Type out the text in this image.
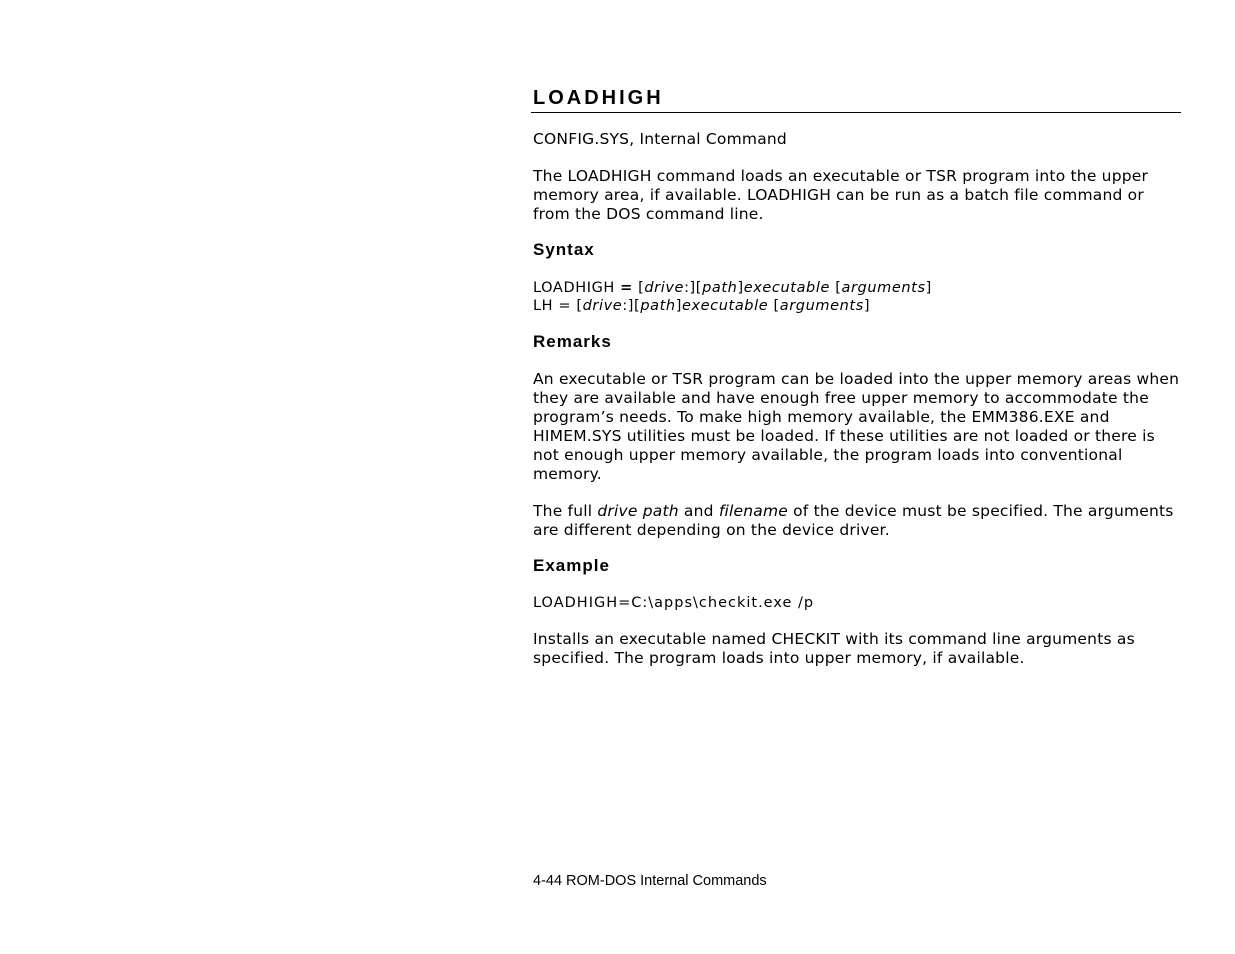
LOADHIGH

CONFIG.SYS, Internal Command

The LOADHIGH command loads an executable or TSR program into the upper memory area, if available. LOADHIGH can be run as a batch file command or from the DOS command line.

Syntax
LOADHIGH = [drive:][path]executable [arguments]
LH = [drive:][path]executable [arguments]
Remarks

An executable or TSR program can be loaded into the upper memory areas when they are available and have enough free upper memory to accommodate the program’s needs. To make high memory available, the EMM386.EXE and HIMEM.SYS utilities must be loaded. If these utilities are not loaded or there is not enough upper memory available, the program loads into conventional memory.

The full drive path and filename of the device must be specified. The arguments are different depending on the device driver.

Example
LOADHIGH=C:\apps\checkit.exe /p

Installs an executable named CHECKIT with its command line arguments as specified. The program loads into upper memory, if available.

4-44 ROM-DOS Internal Commands
